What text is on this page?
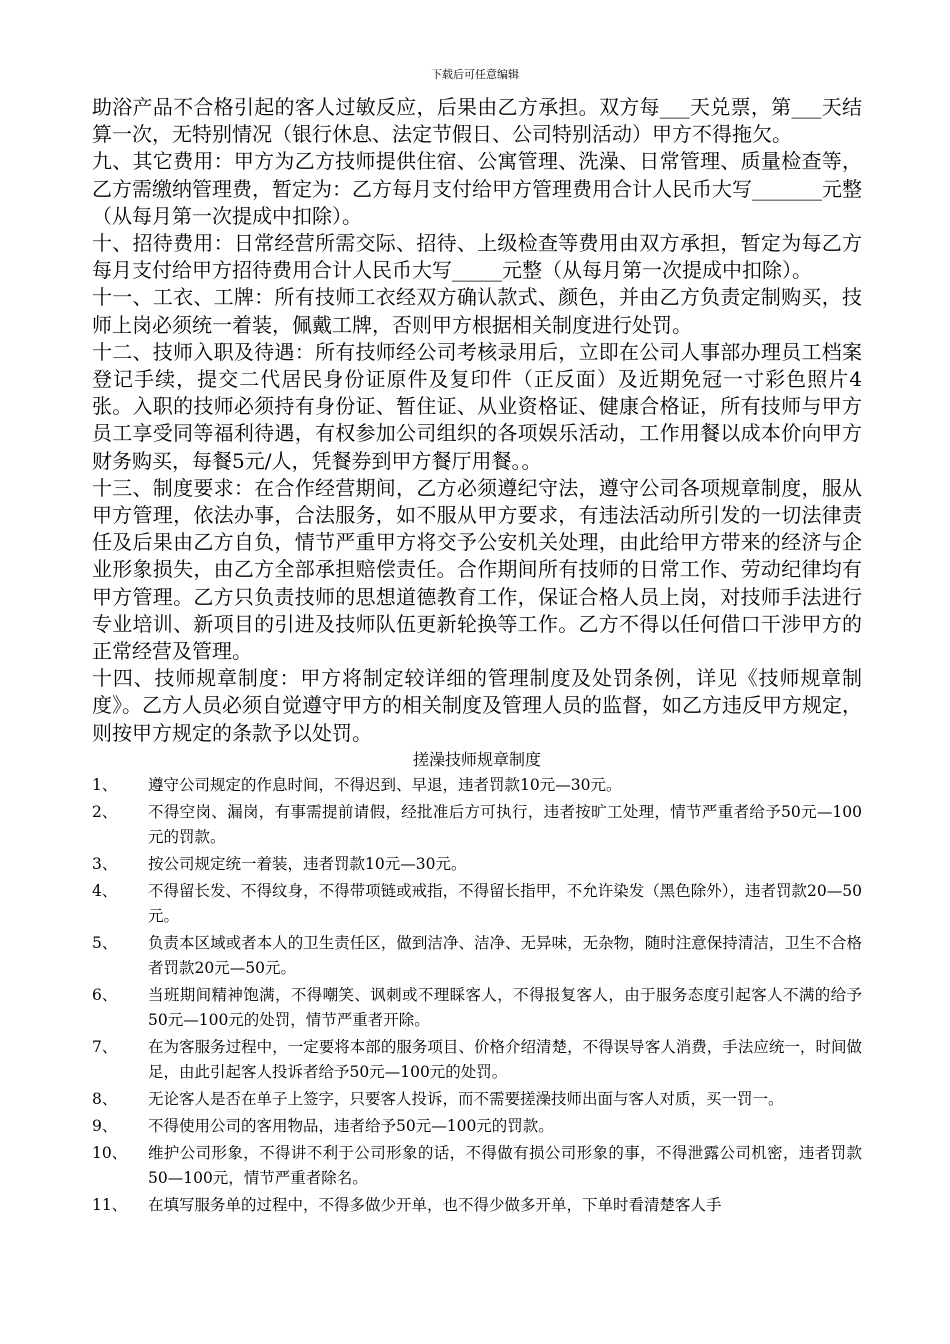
下载后可任意编辑

助浴产品不合格引起的客人过敏反应，后果由乙方承担。双方每___天兑票，第___天结算一次，无特别情况（银行休息、法定节假日、公司特别活动）甲方不得拖欠。

九、其它费用：甲方为乙方技师提供住宿、公寓管理、洗澡、日常管理、质量检查等，乙方需缴纳管理费，暂定为：乙方每月支付给甲方管理费用合计人民币大写_______元整（从每月第一次提成中扣除）。

十、招待费用：日常经营所需交际、招待、上级检查等费用由双方承担，暂定为每乙方每月支付给甲方招待费用合计人民币大写_____元整（从每月第一次提成中扣除）。

十一、工衣、工牌：所有技师工衣经双方确认款式、颜色，并由乙方负责定制购买，技师上岗必须统一着装，佩戴工牌，否则甲方根据相关制度进行处罚。

十二、技师入职及待遇：所有技师经公司考核录用后，立即在公司人事部办理员工档案登记手续，提交二代居民身份证原件及复印件（正反面）及近期免冠一寸彩色照片4张。入职的技师必须持有身份证、暂住证、从业资格证、健康合格证，所有技师与甲方员工享受同等福利待遇，有权参加公司组织的各项娱乐活动，工作用餐以成本价向甲方财务购买，每餐5元/人，凭餐券到甲方餐厅用餐。。

十三、制度要求：在合作经营期间，乙方必须遵纪守法，遵守公司各项规章制度，服从甲方管理，依法办事，合法服务，如不服从甲方要求，有违法活动所引发的一切法律责任及后果由乙方自负，情节严重甲方将交予公安机关处理，由此给甲方带来的经济与企业形象损失，由乙方全部承担赔偿责任。合作期间所有技师的日常工作、劳动纪律均有甲方管理。乙方只负责技师的思想道德教育工作，保证合格人员上岗，对技师手法进行专业培训、新项目的引进及技师队伍更新轮换等工作。乙方不得以任何借口干涉甲方的正常经营及管理。

十四、技师规章制度：甲方将制定较详细的管理制度及处罚条例，详见《技师规章制度》。乙方人员必须自觉遵守甲方的相关制度及管理人员的监督，如乙方违反甲方规定，则按甲方规定的条款予以处罚。

搓澡技师规章制度
1、	遵守公司规定的作息时间，不得迟到、早退，违者罚款10元—30元。
2、	不得空岗、漏岗，有事需提前请假，经批准后方可执行，违者按旷工处理，情节严重者给予50元—100元的罚款。
3、	按公司规定统一着装，违者罚款10元—30元。
4、	不得留长发、不得纹身，不得带项链或戒指，不得留长指甲，不允许染发（黑色除外），违者罚款20—50元。
5、	负责本区域或者本人的卫生责任区，做到洁净、洁净、无异味，无杂物，随时注意保持清洁，卫生不合格者罚款20元—50元。
6、	当班期间精神饱满，不得嘲笑、讽刺或不理睬客人，不得报复客人，由于服务态度引起客人不满的给予50元—100元的处罚，情节严重者开除。
7、	在为客服务过程中，一定要将本部的服务项目、价格介绍清楚，不得误导客人消费，手法应统一，时间做足，由此引起客人投诉者给予50元—100元的处罚。
8、	无论客人是否在单子上签字，只要客人投诉，而不需要搓澡技师出面与客人对质，买一罚一。
9、	不得使用公司的客用物品，违者给予50元—100元的罚款。
10、	维护公司形象，不得讲不利于公司形象的话，不得做有损公司形象的事，不得泄露公司机密，违者罚款50—100元，情节严重者除名。
11、	在填写服务单的过程中，不得多做少开单，也不得少做多开单，下单时看清楚客人手
